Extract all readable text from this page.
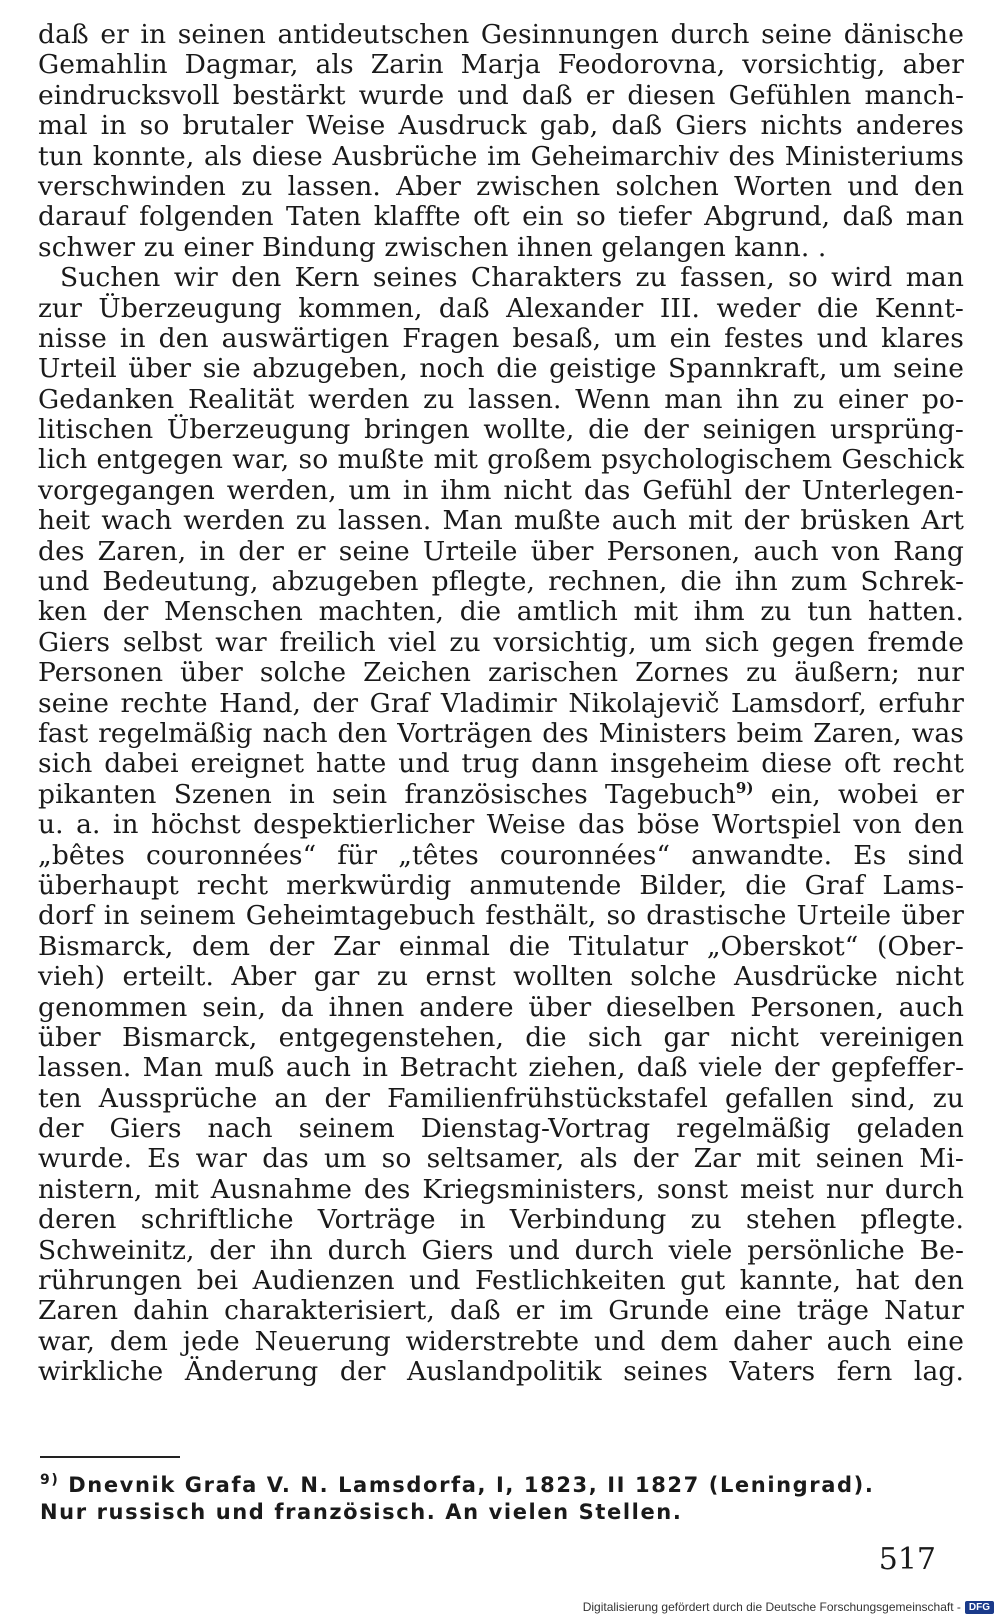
daß er in seinen antideutschen Gesinnungen durch seine dänische
Gemahlin Dagmar, als Zarin Marja Feodorovna, vorsichtig, aber
eindrucksvoll bestärkt wurde und daß er diesen Gefühlen manch-
mal in so brutaler Weise Ausdruck gab, daß Giers nichts anderes
tun konnte, als diese Ausbrüche im Geheimarchiv des Ministeriums
verschwinden zu lassen. Aber zwischen solchen Worten und den
darauf folgenden Taten klaffte oft ein so tiefer Abgrund, daß man
schwer zu einer Bindung zwischen ihnen gelangen kann. .
Suchen wir den Kern seines Charakters zu fassen, so wird man
zur Überzeugung kommen, daß Alexander III. weder die Kennt-
nisse in den auswärtigen Fragen besaß, um ein festes und klares
Urteil über sie abzugeben, noch die geistige Spannkraft, um seine
Gedanken Realität werden zu lassen. Wenn man ihn zu einer po-
litischen Überzeugung bringen wollte, die der seinigen ursprüng-
lich entgegen war, so mußte mit großem psychologischem Geschick
vorgegangen werden, um in ihm nicht das Gefühl der Unterlegen-
heit wach werden zu lassen. Man mußte auch mit der brüsken Art
des Zaren, in der er seine Urteile über Personen, auch von Rang
und Bedeutung, abzugeben pflegte, rechnen, die ihn zum Schrek-
ken der Menschen machten, die amtlich mit ihm zu tun hatten.
Giers selbst war freilich viel zu vorsichtig, um sich gegen fremde
Personen über solche Zeichen zarischen Zornes zu äußern; nur
seine rechte Hand, der Graf Vladimir Nikolajevič Lamsdorf, erfuhr
fast regelmäßig nach den Vorträgen des Ministers beim Zaren, was
sich dabei ereignet hatte und trug dann insgeheim diese oft recht
pikanten Szenen in sein französisches Tagebuch$^{9)}$ ein, wobei er
u. a. in höchst despektierlicher Weise das böse Wortspiel von den
„bêtes couronnées“ für „têtes couronnées“ anwandte. Es sind
überhaupt recht merkwürdig anmutende Bilder, die Graf Lams-
dorf in seinem Geheimtagebuch festhält, so drastische Urteile über
Bismarck, dem der Zar einmal die Titulatur „Oberskot“ (Ober-
vieh) erteilt. Aber gar zu ernst wollten solche Ausdrücke nicht
genommen sein, da ihnen andere über dieselben Personen, auch
über Bismarck, entgegenstehen, die sich gar nicht vereinigen
lassen. Man muß auch in Betracht ziehen, daß viele der gepfeffer-
ten Aussprüche an der Familienfrühstückstafel gefallen sind, zu
der Giers nach seinem Dienstag-Vortrag regelmäßig geladen
wurde. Es war das um so seltsamer, als der Zar mit seinen Mi-
nistern, mit Ausnahme des Kriegsministers, sonst meist nur durch
deren schriftliche Vorträge in Verbindung zu stehen pflegte.
Schweinitz, der ihn durch Giers und durch viele persönliche Be-
rührungen bei Audienzen und Festlichkeiten gut kannte, hat den
Zaren dahin charakterisiert, daß er im Grunde eine träge Natur
war, dem jede Neuerung widerstrebte und dem daher auch eine
wirkliche Änderung der Auslandpolitik seines Vaters fern lag.
$^{9)}$ Dnevnik Grafa V. N. Lamsdorfa, I, 1823, II 1827 (Leningrad).
Nur russisch und französisch. An vielen Stellen.
517
Digitalisierung gefördert durch die Deutsche Forschungsgemeinschaft - DFG
